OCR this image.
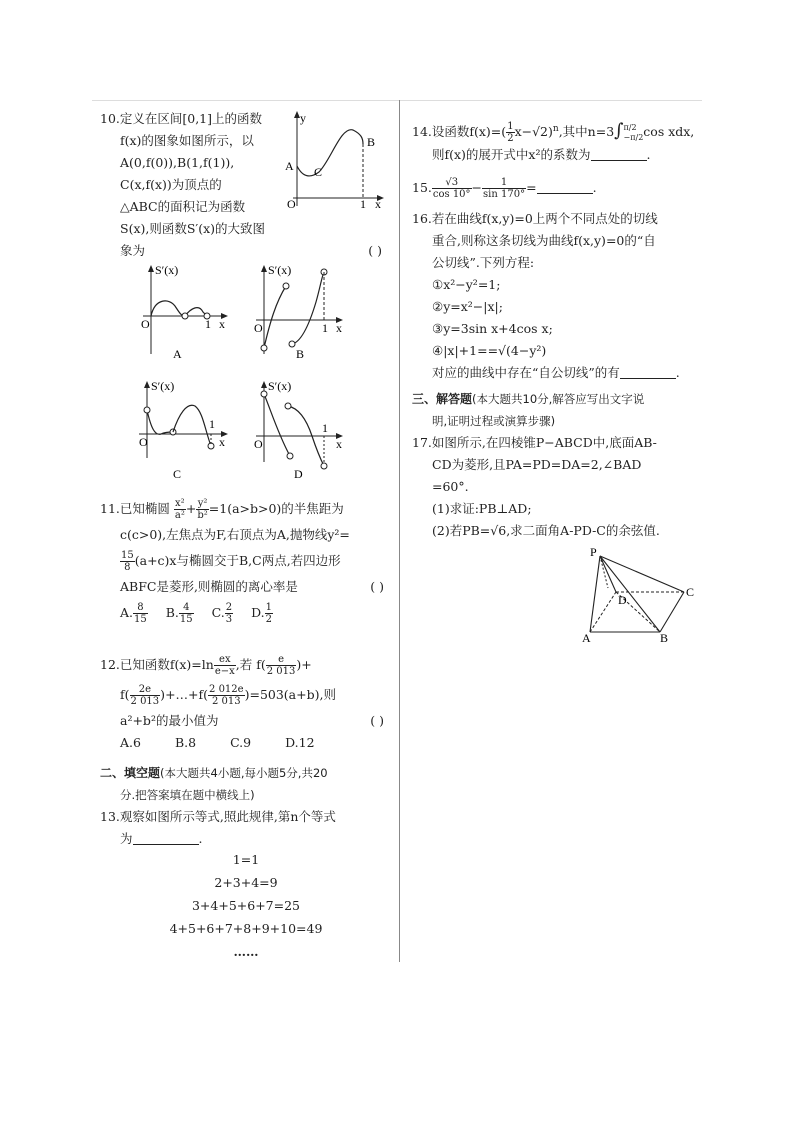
10.定义在区间[0,1]上的函数
f(x)的图象如图所示，以
A(0,f(0)),B(1,f(1)),
C(x,f(x))为顶点的
△ABC的面积记为函数
S(x),则函数S′(x)的大致图
象为	( )
y
A
B
C
O	1 x
S′(x)
O	1 x
A
S′(x)
O	1 x
B
S′(x)
O
1
x
C
S′(x)
O
1
x
D
11.已知椭圆 $\frac{\text{x²}}{\text{a²}} + \frac{\text{y²}}{\text{b²}} =1(a>b>0)$的半焦距为
c(c>0),左焦点为F,右顶点为A,抛物线y²=
$\frac{15}{8} (a+c)x$与椭圆交于B,C两点,若四边形
ABFC是菱形,则椭圆的离心率是	( )
A. $\frac{8}{15} B$. $\frac{4}{15} C$. $\frac{2}{3} D$. $\frac{1}{2}$
12.已知函数$f(x)=\ln \frac{ex}{e-x}$ ,若 $f( \frac{e}{2 013}$ )+
$f( \frac{2e}{2 013}$ )+…+f( $\frac{2 012e}{2 013} )=503(a+b)$,则
a²+b²的最小值为	( )
A.6	B.8	C.9	D.12
二、填空题(本大题共4小题,每小题5分,共20
分.把答案填在题中横线上)
13.观察如图所示等式,照此规律,第n个等式
为	.
1=1
2+3+4=9
3+4+5+6+7=25
4+5+6+7+8+9+10=49
……
14.设函数$f(x)=( \frac{1}{2} x-√2)^n$,其中n=3∫ π/2
−π/2 cos xdx,
则f(x)的展开式中x²的系数为	.
15. $\frac{√3}{\cos 10^\circ} - \frac{1}{\sin 170^\circ}$ =	.
16.若在曲线f(x,y)=0上两个不同点处的切线
重合,则称这条切线为曲线f(x,y)=0的“自
公切线”.下列方程:
①x²−y²=1;
②y=x²−|x|;
③y=3sin x+4cos x;
④|x|+1==√(4−y²)
对应的曲线中存在“自公切线”的有	.
三、解答题(本大题共10分,解答应写出文字说
明,证明过程或演算步骤)
17.如图所示,在四棱锥P−ABCD中,底面AB-
CD为菱形,且PA=PD=DA=2,∠BAD
=60°.
(1)求证:PB⊥AD;
(2)若PB=√6,求二面角A-PD-C的余弦值.
P
D
C
A	B
